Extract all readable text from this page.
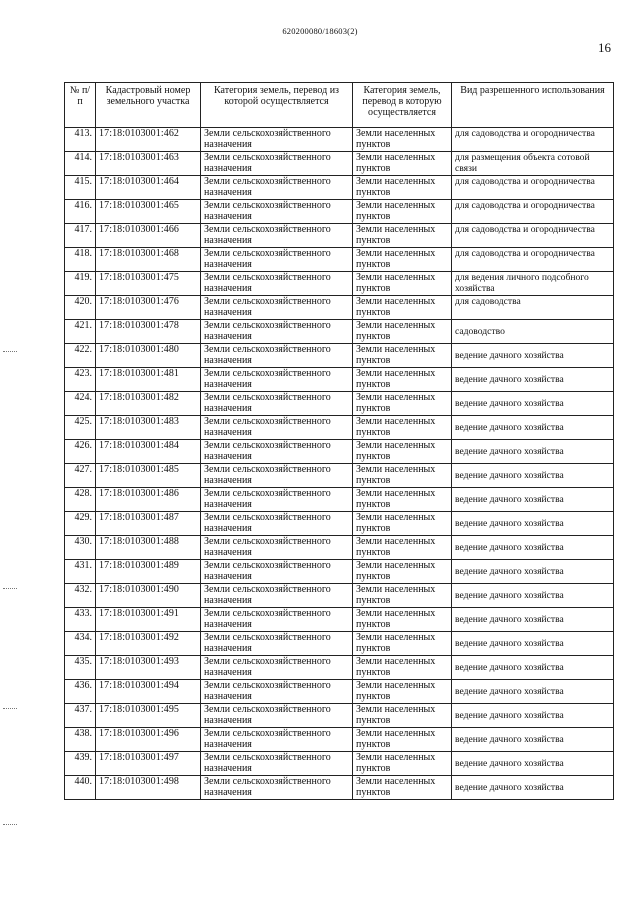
620200080/18603(2)
16
№ п/п	Кадастровый номер земельного участка	Категория земель, перевод из которой осуществляется	Категория земель, перевод в которую осуществляется	Вид разрешенного использования
413.	17:18:0103001:462	Земли сельскохозяйственного назначения	Земли населенных пунктов	для садоводства и огородничества
414.	17:18:0103001:463	Земли сельскохозяйственного назначения	Земли населенных пунктов	для размещения объекта сотовой связи
415.	17:18:0103001:464	Земли сельскохозяйственного назначения	Земли населенных пунктов	для садоводства и огородничества
416.	17:18:0103001:465	Земли сельскохозяйственного назначения	Земли населенных пунктов	для садоводства и огородничества
417.	17:18:0103001:466	Земли сельскохозяйственного назначения	Земли населенных пунктов	для садоводства и огородничества
418.	17:18:0103001:468	Земли сельскохозяйственного назначения	Земли населенных пунктов	для садоводства и огородничества
419.	17:18:0103001:475	Земли сельскохозяйственного назначения	Земли населенных пунктов	для ведения личного подсобного хозяйства
420.	17:18:0103001:476	Земли сельскохозяйственного назначения	Земли населенных пунктов	для садоводства
421.	17:18:0103001:478	Земли сельскохозяйственного назначения	Земли населенных пунктов	садоводство
422.	17:18:0103001:480	Земли сельскохозяйственного назначения	Земли населенных пунктов	ведение дачного хозяйства
423.	17:18:0103001:481	Земли сельскохозяйственного назначения	Земли населенных пунктов	ведение дачного хозяйства
424.	17:18:0103001:482	Земли сельскохозяйственного назначения	Земли населенных пунктов	ведение дачного хозяйства
425.	17:18:0103001:483	Земли сельскохозяйственного назначения	Земли населенных пунктов	ведение дачного хозяйства
426.	17:18:0103001:484	Земли сельскохозяйственного назначения	Земли населенных пунктов	ведение дачного хозяйства
427.	17:18:0103001:485	Земли сельскохозяйственного назначения	Земли населенных пунктов	ведение дачного хозяйства
428.	17:18:0103001:486	Земли сельскохозяйственного назначения	Земли населенных пунктов	ведение дачного хозяйства
429.	17:18:0103001:487	Земли сельскохозяйственного назначения	Земли населенных пунктов	ведение дачного хозяйства
430.	17:18:0103001:488	Земли сельскохозяйственного назначения	Земли населенных пунктов	ведение дачного хозяйства
431.	17:18:0103001:489	Земли сельскохозяйственного назначения	Земли населенных пунктов	ведение дачного хозяйства
432.	17:18:0103001:490	Земли сельскохозяйственного назначения	Земли населенных пунктов	ведение дачного хозяйства
433.	17:18:0103001:491	Земли сельскохозяйственного назначения	Земли населенных пунктов	ведение дачного хозяйства
434.	17:18:0103001:492	Земли сельскохозяйственного назначения	Земли населенных пунктов	ведение дачного хозяйства
435.	17:18:0103001:493	Земли сельскохозяйственного назначения	Земли населенных пунктов	ведение дачного хозяйства
436.	17:18:0103001:494	Земли сельскохозяйственного назначения	Земли населенных пунктов	ведение дачного хозяйства
437.	17:18:0103001:495	Земли сельскохозяйственного назначения	Земли населенных пунктов	ведение дачного хозяйства
438.	17:18:0103001:496	Земли сельскохозяйственного назначения	Земли населенных пунктов	ведение дачного хозяйства
439.	17:18:0103001:497	Земли сельскохозяйственного назначения	Земли населенных пунктов	ведение дачного хозяйства
440.	17:18:0103001:498	Земли сельскохозяйственного назначения	Земли населенных пунктов	ведение дачного хозяйства
